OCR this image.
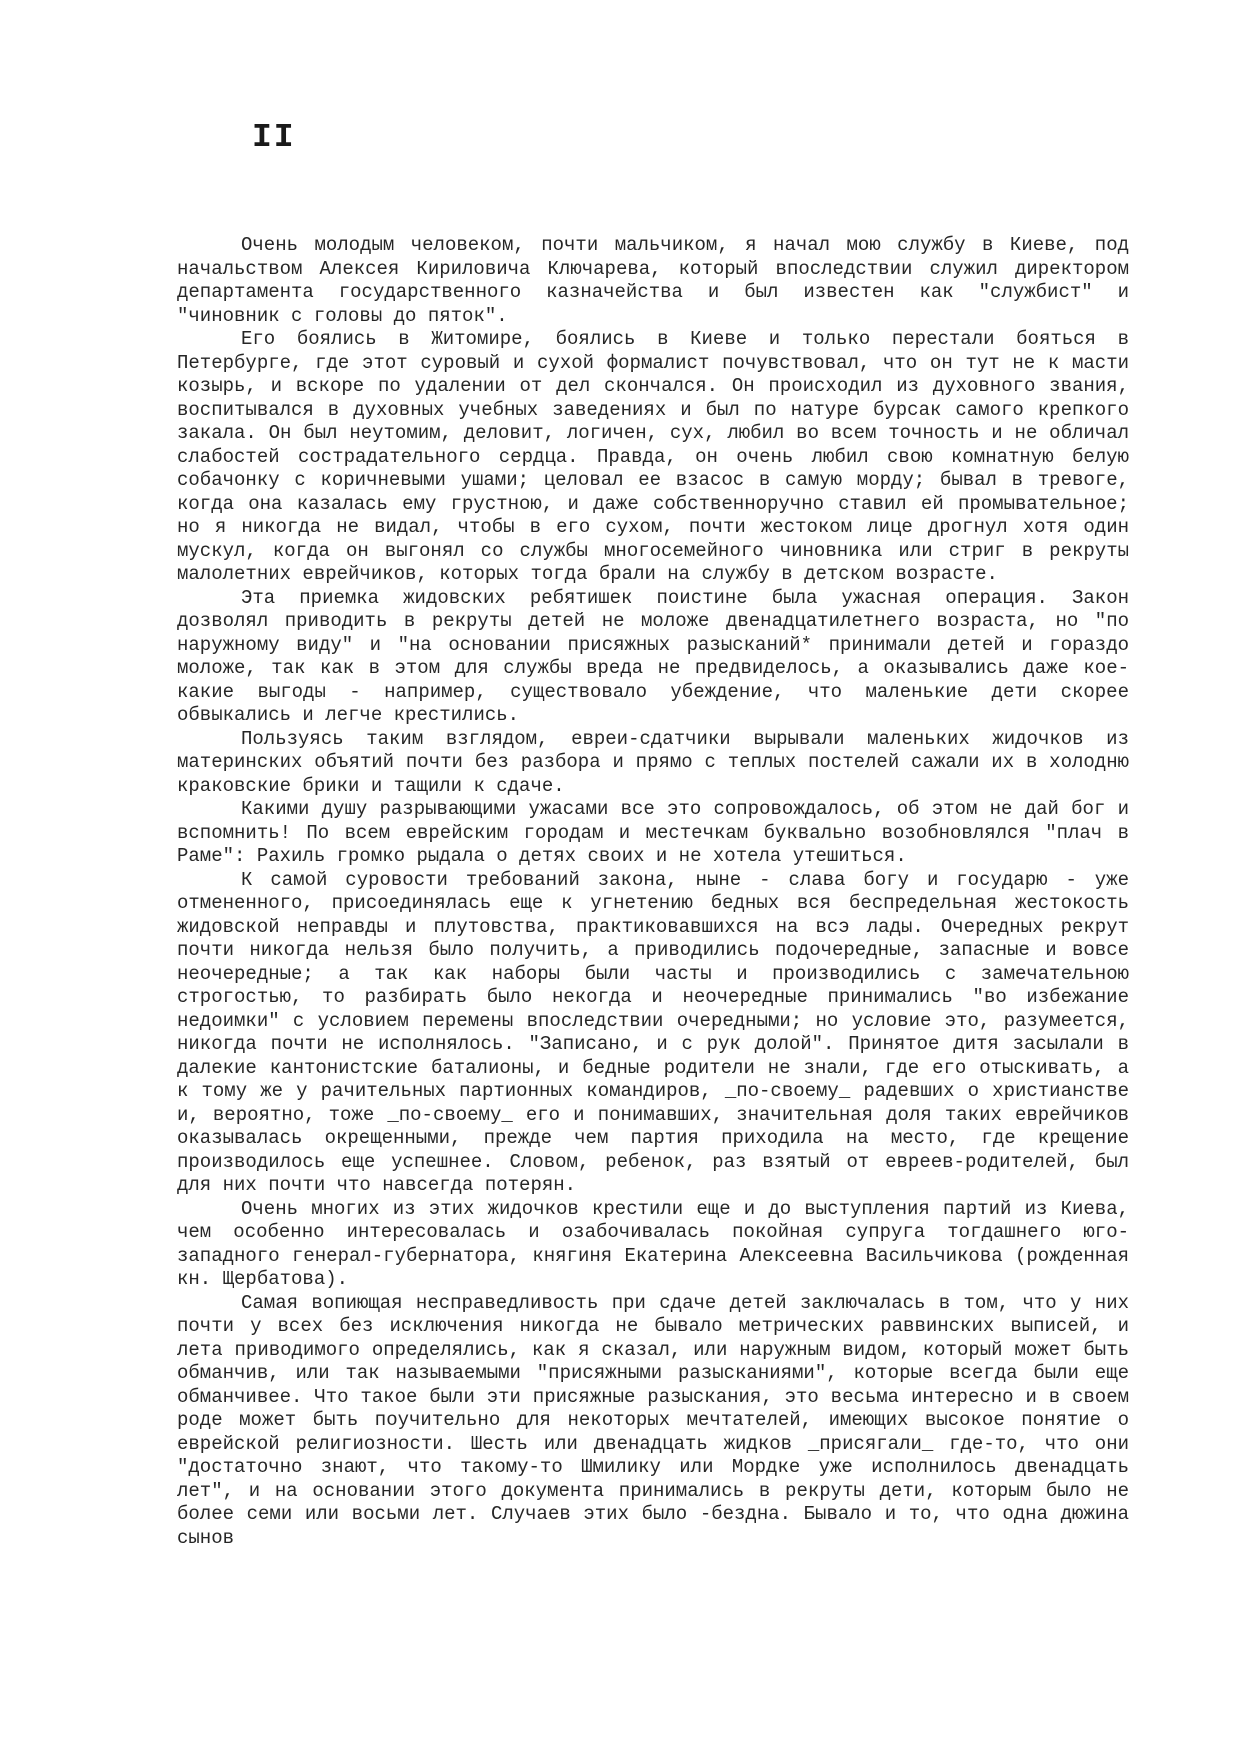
II

Очень молодым человеком, почти мальчиком, я начал мою службу в Киеве, под начальством Алексея Кириловича Ключарева, который впоследствии служил директором департамента государственного казначейства и был известен как "службист" и "чиновник с головы до пяток".

Его боялись в Житомире, боялись в Киеве и только перестали бояться в Петербурге, где этот суровый и сухой формалист почувствовал, что он тут не к масти козырь, и вскоре по удалении от дел скончался. Он происходил из духовного звания, воспитывался в духовных учебных заведениях и был по натуре бурсак самого крепкого закала. Он был неутомим, деловит, логичен, сух, любил во всем точность и не обличал слабостей сострадательного сердца. Правда, он очень любил свою комнатную белую собачонку с коричневыми ушами; целовал ее взасос в самую морду; бывал в тревоге, когда она казалась ему грустною, и даже собственноручно ставил ей промывательное; но я никогда не видал, чтобы в его сухом, почти жестоком лице дрогнул хотя один мускул, когда он выгонял со службы многосемейного чиновника или стриг в рекруты малолетних еврейчиков, которых тогда брали на службу в детском возрасте.

Эта приемка жидовских ребятишек поистине была ужасная операция. Закон дозволял приводить в рекруты детей не моложе двенадцатилетнего возраста, но "по наружному виду" и "на основании присяжных разысканий* принимали детей и гораздо моложе, так как в этом для службы вреда не предвиделось, а оказывались даже кое-какие выгоды - например, существовало убеждение, что маленькие дети скорее обвыкались и легче крестились.

Пользуясь таким взглядом, евреи-сдатчики вырывали маленьких жидочков из материнских объятий почти без разбора и прямо с теплых постелей сажали их в холодню краковские брики и тащили к сдаче.

Какими душу разрывающими ужасами все это сопровождалось, об этом не дай бог и вспомнить! По всем еврейским городам и местечкам буквально возобновлялся "плач в Раме": Рахиль громко рыдала о детях своих и не хотела утешиться.

К самой суровости требований закона, ныне - слава богу и государю - уже отмененного, присоединялась еще к угнетению бедных вся беспредельная жестокость жидовской неправды и плутовства, практиковавшихся на всэ лады. Очередных рекрут почти никогда нельзя было получить, а приводились подочередные, запасные и вовсе неочередные; а так как наборы были часты и производились с замечательною строгостью, то разбирать было некогда и неочередные принимались "во избежание недоимки" с условием перемены впоследствии очередными; но условие это, разумеется, никогда почти не исполнялось. "Записано, и с рук долой". Принятое дитя засылали в далекие кантонистские баталионы, и бедные родители не знали, где его отыскивать, а к тому же у рачительных партионных командиров, _по-своему_ радевших о христианстве и, вероятно, тоже _по-своему_ его и понимавших, значительная доля таких еврейчиков оказывалась окрещенными, прежде чем партия приходила на место, где крещение производилось еще успешнее. Словом, ребенок, раз взятый от евреев-родителей, был для них почти что навсегда потерян.

Очень многих из этих жидочков крестили еще и до выступления партий из Киева, чем особенно интересовалась и озабочивалась покойная супруга тогдашнего юго-западного генерал-губернатора, княгиня Екатерина Алексеевна Васильчикова (рожденная кн. Щербатова).

Самая вопиющая несправедливость при сдаче детей заключалась в том, что у них почти у всех без исключения никогда не бывало метрических раввинских выписей, и лета приводимого определялись, как я сказал, или наружным видом, который может быть обманчив, или так называемыми "присяжными разысканиями", которые всегда были еще обманчивее. Что такое были эти присяжные разыскания, это весьма интересно и в своем роде может быть поучительно для некоторых мечтателей, имеющих высокое понятие о еврейской религиозности. Шесть или двенадцать жидков _присягали_ где-то, что они "достаточно знают, что такому-то Шмилику или Мордке уже исполнилось двенадцать лет", и на основании этого документа принимались в рекруты дети, которым было не более семи или восьми лет. Случаев этих было -бездна. Бывало и то, что одна дюжина сынов
